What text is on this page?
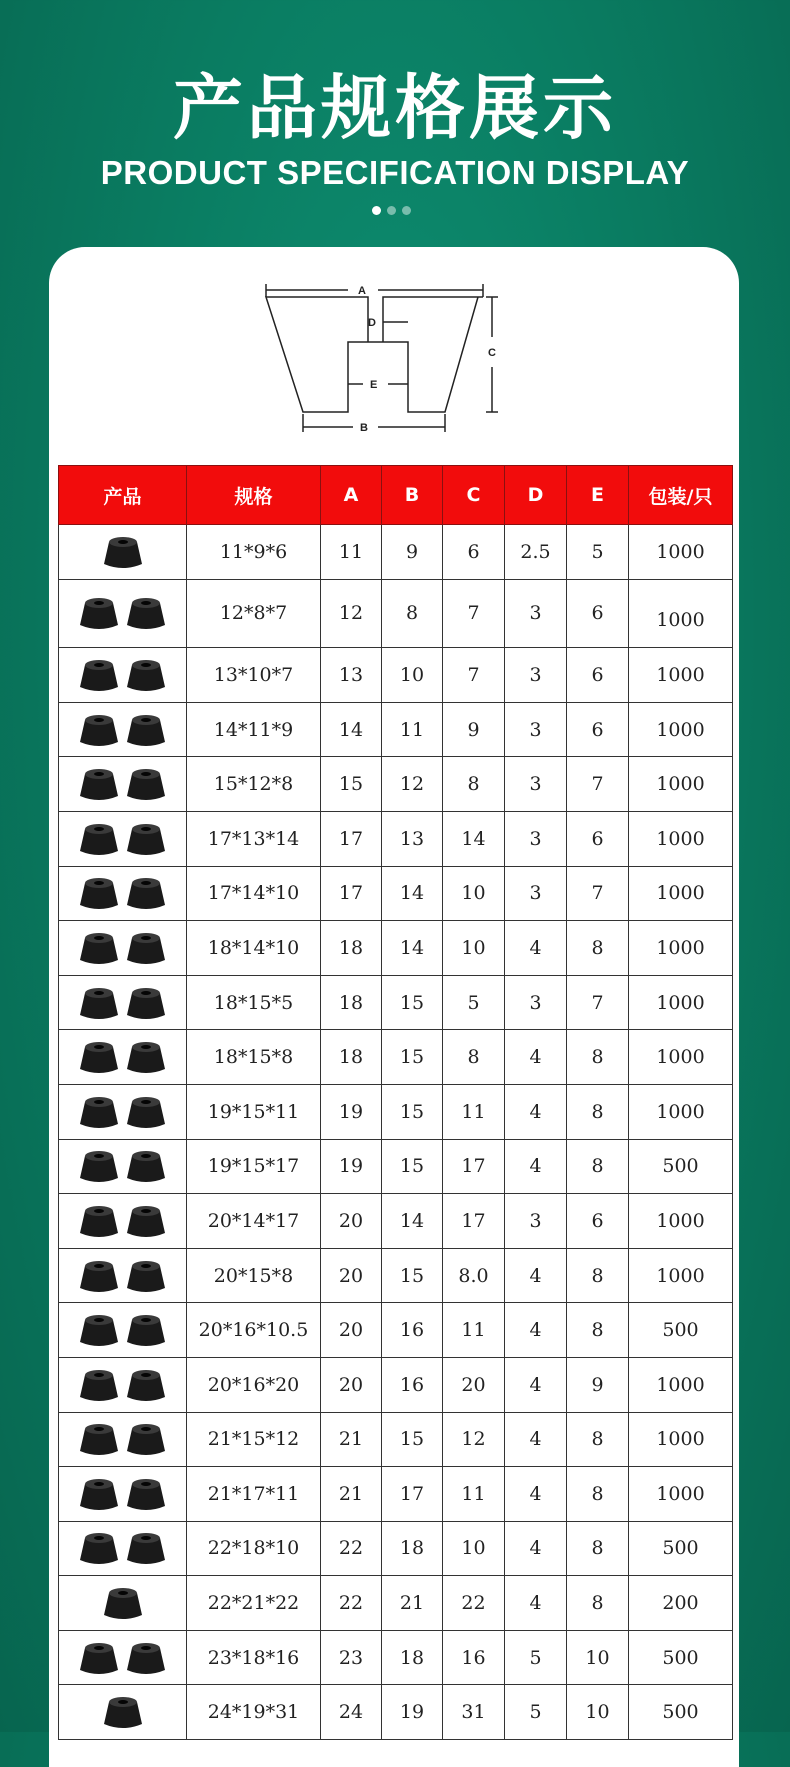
产品规格展示
PRODUCT SPECIFICATION DISPLAY
A
D
C
E
B
产品	规格	A	B	C	D	E	包装/只

	11*9*6	11	9	6	2.5	5	1000

	12*8*7	12	8	7	3	6	1000

	13*10*7	13	10	7	3	6	1000

	14*11*9	14	11	9	3	6	1000

	15*12*8	15	12	8	3	7	1000

	17*13*14	17	13	14	3	6	1000

	17*14*10	17	14	10	3	7	1000

	18*14*10	18	14	10	4	8	1000

	18*15*5	18	15	5	3	7	1000

	18*15*8	18	15	8	4	8	1000

	19*15*11	19	15	11	4	8	1000

	19*15*17	19	15	17	4	8	500

	20*14*17	20	14	17	3	6	1000

	20*15*8	20	15	8.0	4	8	1000

	20*16*10.5	20	16	11	4	8	500

	20*16*20	20	16	20	4	9	1000

	21*15*12	21	15	12	4	8	1000

	21*17*11	21	17	11	4	8	1000

	22*18*10	22	18	10	4	8	500

	22*21*22	22	21	22	4	8	200

	23*18*16	23	18	16	5	10	500

	24*19*31	24	19	31	5	10	500
